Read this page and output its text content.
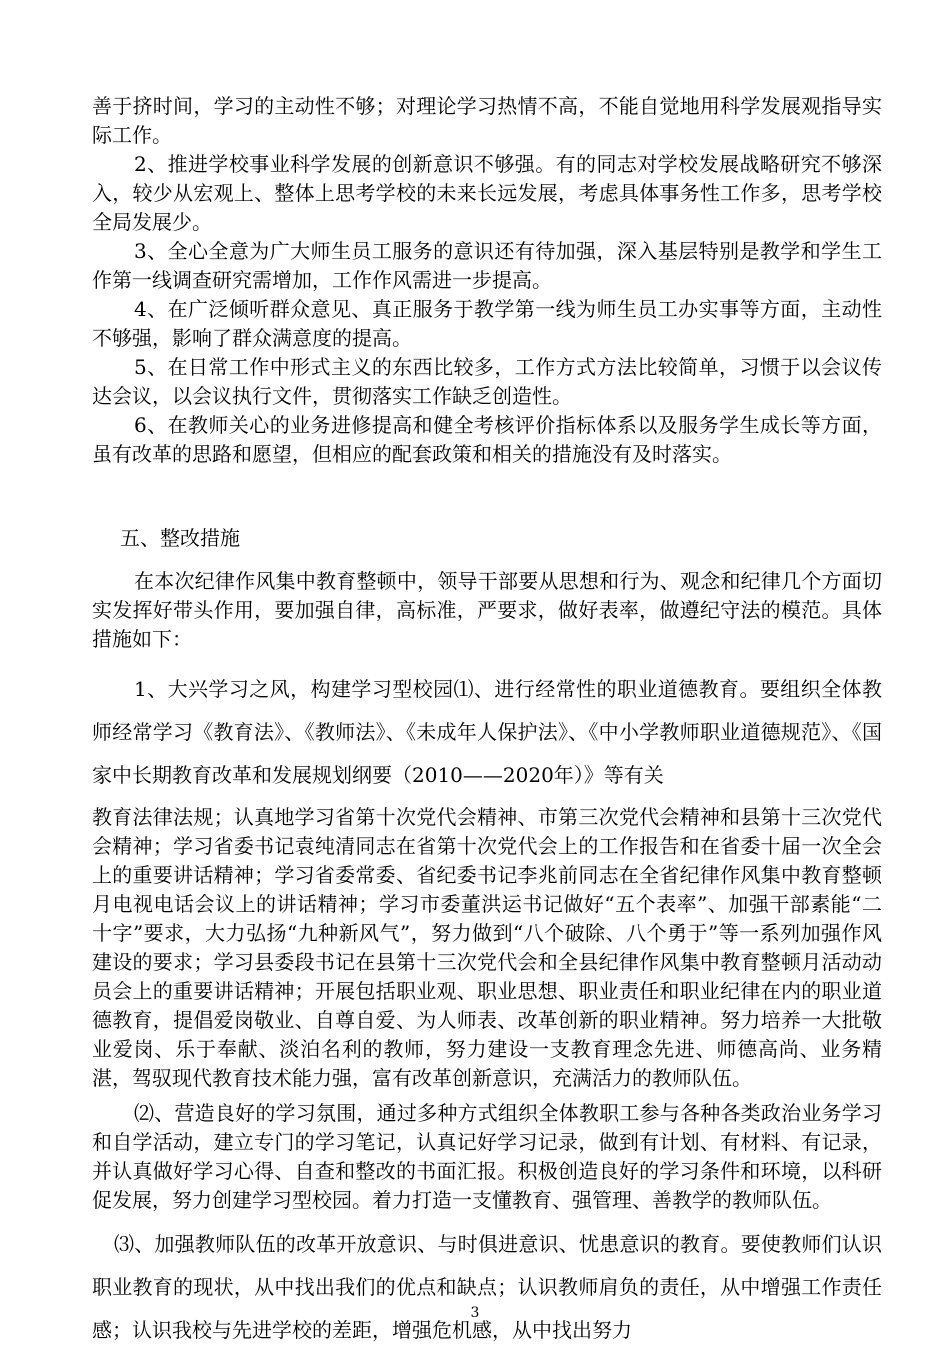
善于挤时间，学习的主动性不够；对理论学习热情不高，不能自觉地用科学发展观指导实际工作。

2、推进学校事业科学发展的创新意识不够强。有的同志对学校发展战略研究不够深入，较少从宏观上、整体上思考学校的未来长远发展，考虑具体事务性工作多，思考学校全局发展少。

3、全心全意为广大师生员工服务的意识还有待加强，深入基层特别是教学和学生工作第一线调查研究需增加，工作作风需进一步提高。

4、在广泛倾听群众意见、真正服务于教学第一线为师生员工办实事等方面，主动性不够强，影响了群众满意度的提高。

5、在日常工作中形式主义的东西比较多，工作方式方法比较简单，习惯于以会议传达会议，以会议执行文件，贯彻落实工作缺乏创造性。

6、在教师关心的业务进修提高和健全考核评价指标体系以及服务学生成长等方面，虽有改革的思路和愿望，但相应的配套政策和相关的措施没有及时落实。

五、整改措施

在本次纪律作风集中教育整顿中，领导干部要从思想和行为、观念和纪律几个方面切实发挥好带头作用，要加强自律，高标准，严要求，做好表率，做遵纪守法的模范。具体措施如下：

1、大兴学习之风，构建学习型校园⑴、进行经常性的职业道德教育。要组织全体教师经常学习《教育法》、《教师法》、《未成年人保护法》、《中小学教师职业道德规范》、《国家中长期教育改革和发展规划纲要（2010——2020年）》等有关

教育法律法规；认真地学习省第十次党代会精神、市第三次党代会精神和县第十三次党代会精神；学习省委书记袁纯清同志在省第十次党代会上的工作报告和在省委十届一次全会上的重要讲话精神；学习省委常委、省纪委书记李兆前同志在全省纪律作风集中教育整顿月电视电话会议上的讲话精神；学习市委董洪运书记做好“五个表率”、加强干部素能“二十字”要求，大力弘扬“九种新风气”，努力做到“八个破除、八个勇于”等一系列加强作风建设的要求；学习县委段书记在县第十三次党代会和全县纪律作风集中教育整顿月活动动员会上的重要讲话精神；开展包括职业观、职业思想、职业责任和职业纪律在内的职业道德教育，提倡爱岗敬业、自尊自爱、为人师表、改革创新的职业精神。努力培养一大批敬业爱岗、乐于奉献、淡泊名利的教师，努力建设一支教育理念先进、师德高尚、业务精湛，驾驭现代教育技术能力强，富有改革创新意识，充满活力的教师队伍。

⑵、营造良好的学习氛围，通过多种方式组织全体教职工参与各种各类政治业务学习和自学活动，建立专门的学习笔记，认真记好学习记录，做到有计划、有材料、有记录，并认真做好学习心得、自查和整改的书面汇报。积极创造良好的学习条件和环境，以科研促发展，努力创建学习型校园。着力打造一支懂教育、强管理、善教学的教师队伍。

⑶、加强教师队伍的改革开放意识、与时俱进意识、忧患意识的教育。要使教师们认识职业教育的现状，从中找出我们的优点和缺点；认识教师肩负的责任，从中增强工作责任感；认识我校与先进学校的差距，增强危机感，从中找出努力

3
